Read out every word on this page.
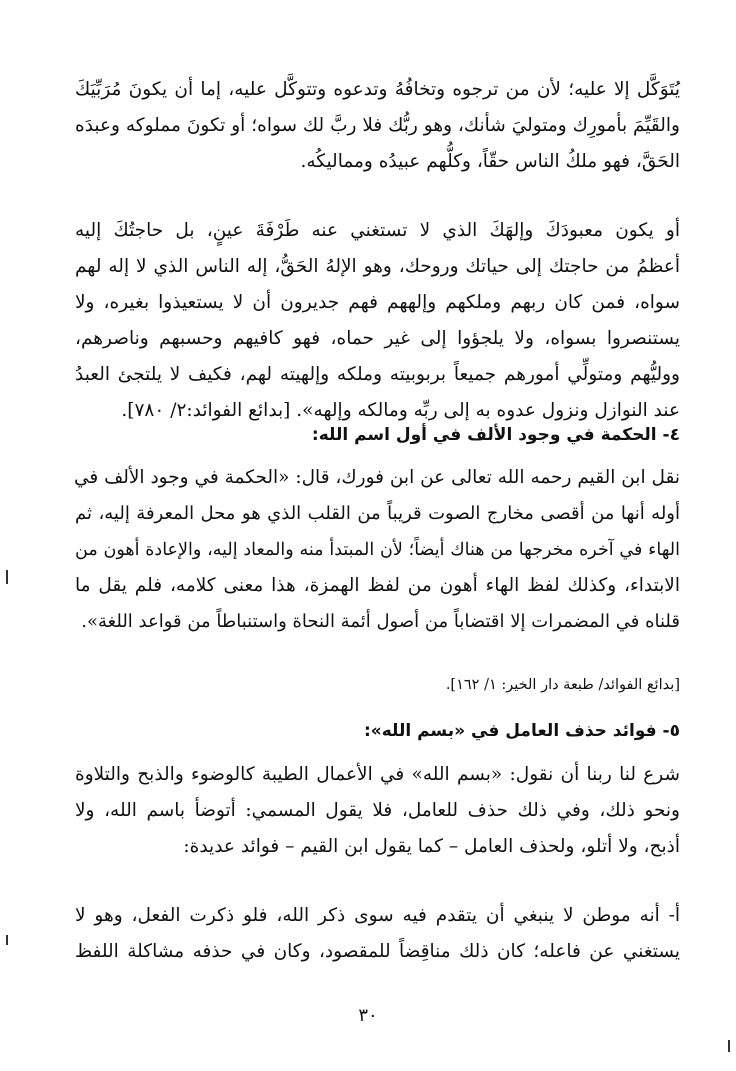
يُتَوَكَّل إلا عليه؛ لأن من ترجوه وتخافُهُ وتدعوه وتتوكَّل عليه، إما أن يكونَ مُرَبِّيَكَ
والقَيِّمَ بأمورِك ومتوليَ شأنك، وهو ربُّك فلا ربَّ لك سواه؛ أو تكونَ مملوكه وعبدَه
الحَقَّ، فهو ملكُ الناس حقّاً، وكلُّهم عبيدُه ومماليكُه.
أو يكون معبودَكَ وإلهَكَ الذي لا تستغني عنه طَرْفَةَ عينٍ، بل حاجتُكَ إليه
أعظمُ من حاجتك إلى حياتك وروحك، وهو الإلهُ الحَقُّ، إله الناس الذي لا إله لهم
سواه، فمن كان ربهم وملكهم وإلههم فهم جديرون أن لا يستعيذوا بغيره، ولا
يستنصروا بسواه، ولا يلجؤوا إلى غير حماه، فهو كافيهم وحسبهم وناصرهم،
ووليُّهم ومتولِّي أمورهم جميعاً بربوبيته وملكه وإلهيته لهم، فكيف لا يلتجئ العبدُ
عند النوازل ونزول عدوه به إلى ربِّه ومالكه وإلهه». [بدائع الفوائد:٢/ ٧٨٠].
٤- الحكمة في وجود الألف في أول اسم الله:
نقل ابن القيم رحمه الله تعالى عن ابن فورك، قال: «الحكمة في وجود الألف في
أوله أنها من أقصى مخارج الصوت قريباً من القلب الذي هو محل المعرفة إليه، ثم
الهاء في آخره مخرجها من هناك أيضاً؛ لأن المبتدأ منه والمعاد إليه، والإعادة أهون من
الابتداء، وكذلك لفظ الهاء أهون من لفظ الهمزة، هذا معنى كلامه، فلم يقل ما
قلناه في المضمرات إلا اقتضاباً من أصول أئمة النحاة واستنباطاً من قواعد اللغة».
[بدائع الفوائد/ طبعة دار الخير: ١/ ١٦٢].
٥- فوائد حذف العامل في «بسم الله»:
شرع لنا ربنا أن نقول: «بسم الله» في الأعمال الطيبة كالوضوء والذبح والتلاوة
ونحو ذلك، وفي ذلك حذف للعامل، فلا يقول المسمي: أتوضأ باسم الله، ولا
أذبح، ولا أتلو، ولحذف العامل – كما يقول ابن القيم – فوائد عديدة:
أ- أنه موطن لا ينبغي أن يتقدم فيه سوى ذكر الله، فلو ذكرت الفعل، وهو لا
يستغني عن فاعله؛ كان ذلك مناقِضاً للمقصود، وكان في حذفه مشاكلة اللفظ
٣٠
